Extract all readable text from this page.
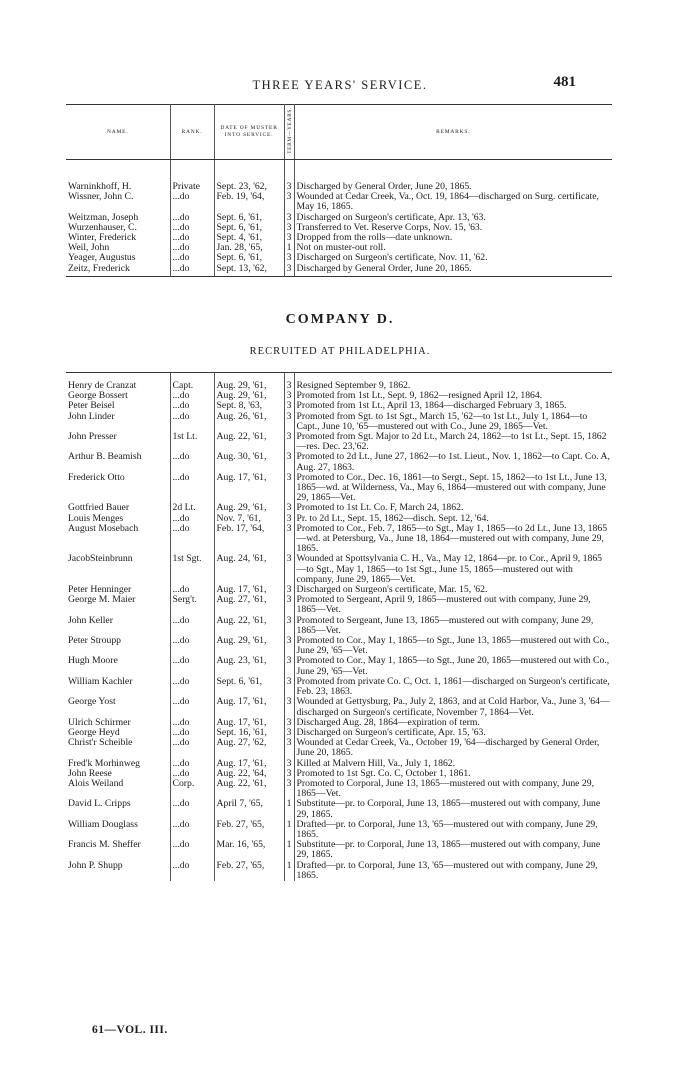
THREE YEARS' SERVICE.	481
NAME.	RANK.	DATE OF MUSTER INTO SERVICE.	TERM—YEARS.	REMARKS.
Warninkhoff, H.	Private	Sept. 23, '62,	3	Discharged by General Order, June 20, 1865.
Wissner, John C.	...do	Feb. 19, '64,	3	Wounded at Cedar Creek, Va., Oct. 19, 1864—discharged on Surg. certificate, May 16, 1865.
Weitzman, Joseph	...do	Sept. 6, '61,	3	Discharged on Surgeon's certificate, Apr. 13, '63.
Wurzenhauser, C.	...do	Sept. 6, '61,	3	Transferred to Vet. Reserve Corps, Nov. 15, '63.
Winter, Frederick	...do	Sept. 4, '61,	3	Dropped from the rolls—date unknown.
Weil, John	...do	Jan. 28, '65,	1	Not on muster-out roll.
Yeager, Augustus	...do	Sept. 6, '61,	3	Discharged on Surgeon's certificate, Nov. 11, '62.
Zeitz, Frederick	...do	Sept. 13, '62,	3	Discharged by General Order, June 20, 1865.
COMPANY D.
RECRUITED AT PHILADELPHIA.
Henry de Cranzat	Capt.	Aug. 29, '61,	3	Resigned September 9, 1862.
George Bossert	...do	Aug. 29, '61,	3	Promoted from 1st Lt., Sept. 9, 1862—resigned April 12, 1864.
Peter Beisel	...do	Sept. 8, '63,	3	Promoted from 1st Lt., April 13, 1864—discharged February 3, 1865.
John Linder	...do	Aug. 26, '61,	3	Promoted from Sgt. to 1st Sgt., March 15, '62—to 1st Lt., July 1, 1864—to Capt., June 10, '65—mustered out with Co., June 29, 1865—Vet.
John Presser	1st Lt.	Aug. 22, '61,	3	Promoted from Sgt. Major to 2d Lt., March 24, 1862—to 1st Lt., Sept. 15, 1862—res. Dec. 23,'62.
Arthur B. Beamish	...do	Aug. 30, '61,	3	Promoted to 2d Lt., June 27, 1862—to 1st. Lieut., Nov. 1, 1862—to Capt. Co. A, Aug. 27, 1863.
Frederick Otto	...do	Aug. 17, '61,	3	Promoted to Cor., Dec. 16, 1861—to Sergt., Sept. 15, 1862—to 1st Lt., June 13, 1865—wd. at Wilderness, Va., May 6, 1864—mustered out with company, June 29, 1865—Vet.
Gottfried Bauer	2d Lt.	Aug. 29, '61,	3	Promoted to 1st Lt. Co. F, March 24, 1862.
Louis Menges	...do	Nov. 7, '61,	3	Pr. to 2d Lt., Sept. 15, 1862—disch. Sept. 12, '64.
August Mosebach	...do	Feb. 17, '64,	3	Promoted to Cor., Feb. 7, 1865—to Sgt., May 1, 1865—to 2d Lt., June 13, 1865—wd. at Petersburg, Va., June 18, 1864—mustered out with company, June 29, 1865.
JacobSteinbrunn	1st Sgt.	Aug. 24, '61,	3	Wounded at Spottsylvania C. H., Va., May 12, 1864—pr. to Cor., April 9, 1865—to Sgt., May 1, 1865—to 1st Sgt., June 15, 1865—mustered out with company, June 29, 1865—Vet.
Peter Henninger	...do	Aug. 17, '61,	3	Discharged on Surgeon's certificate, Mar. 15, '62.
George M. Maier	Serg't.	Aug. 27, '61,	3	Promoted to Sergeant, April 9, 1865—mustered out with company, June 29, 1865—Vet.
John Keller	...do	Aug. 22, '61,	3	Promoted to Sergeant, June 13, 1865—mustered out with company, June 29, 1865—Vet.
Peter Stroupp	...do	Aug. 29, '61,	3	Promoted to Cor., May 1, 1865—to Sgt., June 13, 1865—mustered out with Co., June 29, '65—Vet.
Hugh Moore	...do	Aug. 23, '61,	3	Promoted to Cor., May 1, 1865—to Sgt., June 20, 1865—mustered out with Co., June 29, '65—Vet.
William Kachler	...do	Sept. 6, '61,	3	Promoted from private Co. C, Oct. 1, 1861—discharged on Surgeon's certificate, Feb. 23, 1863.
George Yost	...do	Aug. 17, '61,	3	Wounded at Gettysburg, Pa., July 2, 1863, and at Cold Harbor, Va., June 3, '64—discharged on Surgeon's certificate, November 7, 1864—Vet.
Ulrich Schirmer	...do	Aug. 17, '61,	3	Discharged Aug. 28, 1864—expiration of term.
George Heyd	...do	Sept. 16, '61,	3	Discharged on Surgeon's certificate, Apr. 15, '63.
Christ'r Scheible	...do	Aug. 27, '62,	3	Wounded at Cedar Creek, Va., October 19, '64—discharged by General Order, June 20, 1865.
Fred'k Morhinweg	...do	Aug. 17, '61,	3	Killed at Malvern Hill, Va., July 1, 1862.
John Reese	...do	Aug. 22, '64,	3	Promoted to 1st Sgt. Co. C, October 1, 1861.
Alois Weiland	Corp.	Aug. 22, '61,	3	Promoted to Corporal, June 13, 1865—mustered out with company, June 29, 1865—Vet.
David L. Cripps	...do	April 7, '65,	1	Substitute—pr. to Corporal, June 13, 1865—mustered out with company, June 29, 1865.
William Douglass	...do	Feb. 27, '65,	1	Drafted—pr. to Corporal, June 13, '65—mustered out with company, June 29, 1865.
Francis M. Sheffer	...do	Mar. 16, '65,	1	Substitute—pr. to Corporal, June 13, 1865—mustered out with company, June 29, 1865.
John P. Shupp	...do	Feb. 27, '65,	1	Drafted—pr. to Corporal, June 13, '65—mustered out with company, June 29, 1865.
61—VOL. III.
